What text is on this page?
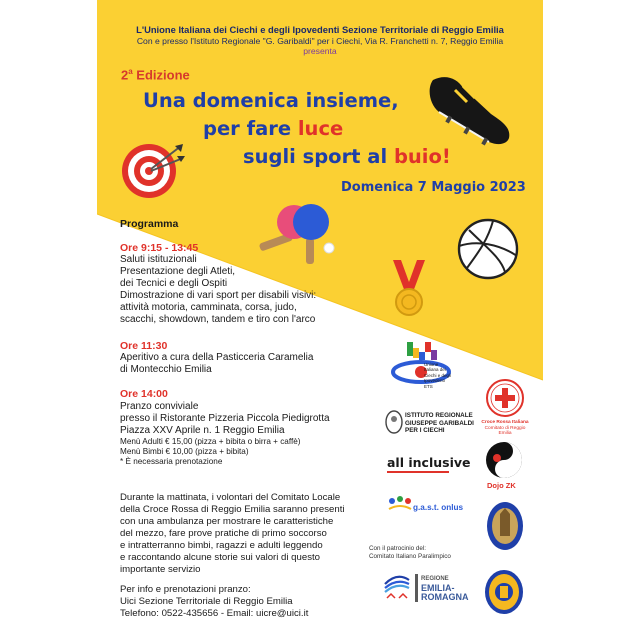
L'Unione Italiana dei Ciechi e degli Ipovedenti Sezione Territoriale di Reggio Emilia
Con e presso l'Istituto Regionale "G. Garibaldi" per i Ciechi, Via R. Franchetti n. 7, Reggio Emilia
presenta
2$^a$ Edizione
Una domenica insieme,
per fare luce
sugli sport al buio!
Domenica 7 Maggio 2023
Programma
Ore 9:15 - 13:45
Saluti istituzionali
Presentazione degli Atleti,
dei Tecnici e degli Ospiti
Dimostrazione di vari sport per disabili visivi:
attività motoria, camminata, corsa, judo,
scacchi, showdown, tandem e tiro con l'arco
Ore 11:30
Aperitivo a cura della Pasticceria Caramelia
di Montecchio Emilia
Ore 14:00
Pranzo conviviale
presso il Ristorante Pizzeria Piccola Piedigrotta
Piazza XXV Aprile n. 1 Reggio Emilia
Menù Adulti € 15,00 (pizza + bibita o birra + caffè)
Menù Bimbi € 10,00 (pizza + bibita)
* È necessaria prenotazione
Durante la mattinata, i volontari del Comitato Locale
della Croce Rossa di Reggio Emilia saranno presenti
con una ambulanza per mostrare le caratteristiche
del mezzo, fare prove pratiche di primo soccorso
e intratterranno bimbi, ragazzi e adulti leggendo
e raccontando alcune storie sui valori di questo
importante servizio
Per info e prenotazioni pranzo:
Uici Sezione Territoriale di Reggio Emilia
Telefono: 0522-435656 - Email: uicre@uici.it
Unione
Italiana dei
Ciechi e degli
Ipovedenti
ETS
ISTITUTO REGIONALE
GIUSEPPE GARIBALDI
PER I CIECHI
Croce Rossa Italiana
Comitato di Reggio Emilia
all inclusive
Dojo ZK
g.a.s.t. onlus
Con il patrocinio del:
Comitato Italiano Paralimpico
REGIONE
EMILIA-
ROMAGNA
